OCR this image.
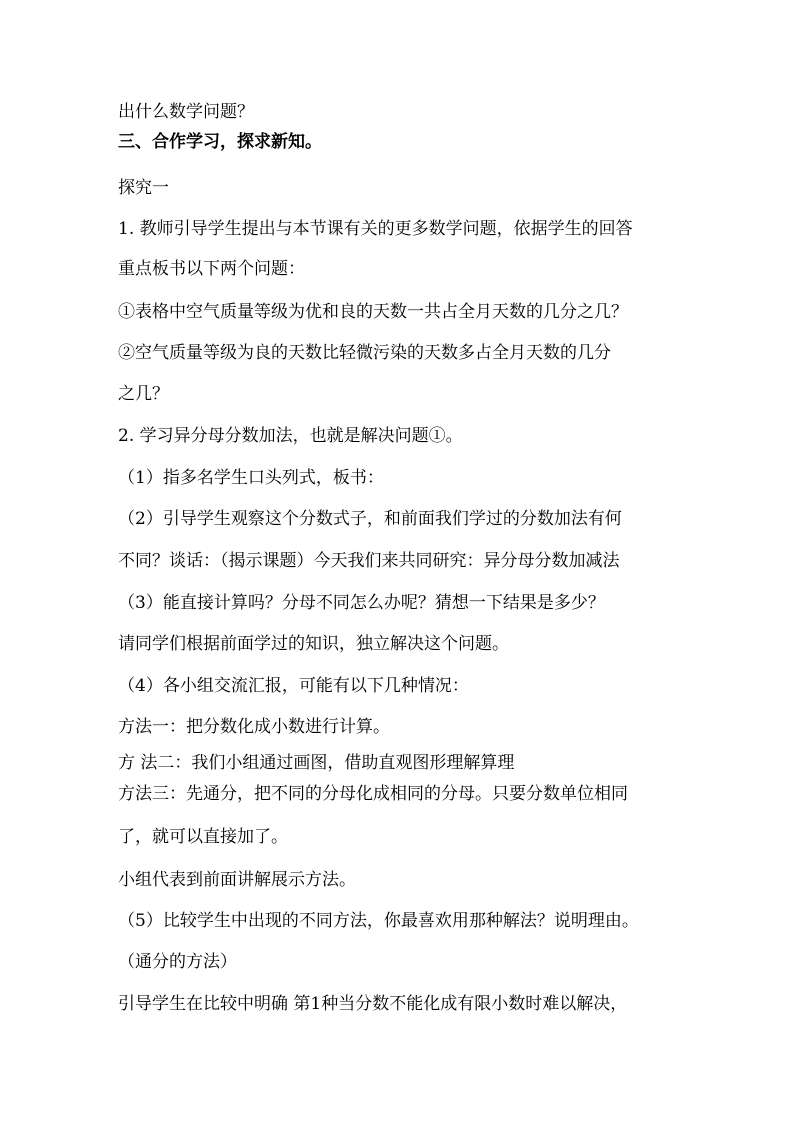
出什么数学问题？
三、合作学习，探求新知。
探究一
1. 教师引导学生提出与本节课有关的更多数学问题，依据学生的回答
重点板书以下两个问题：
①表格中空气质量等级为优和良的天数一共占全月天数的几分之几？
②空气质量等级为良的天数比轻微污染的天数多占全月天数的几分
之几？
2. 学习异分母分数加法，也就是解决问题①。
（1）指多名学生口头列式，板书：
（2）引导学生观察这个分数式子，和前面我们学过的分数加法有何
不同？谈话：（揭示课题）今天我们来共同研究：异分母分数加减法
（3）能直接计算吗？分母不同怎么办呢？猜想一下结果是多少？
请同学们根据前面学过的知识，独立解决这个问题。
（4）各小组交流汇报，可能有以下几种情况：
方法一：把分数化成小数进行计算。
方 法二：我们小组通过画图，借助直观图形理解算理
方法三：先通分，把不同的分母化成相同的分母。只要分数单位相同
了，就可以直接加了。
小组代表到前面讲解展示方法。
（5）比较学生中出现的不同方法，你最喜欢用那种解法？说明理由。
（通分的方法）
引导学生在比较中明确 第1种当分数不能化成有限小数时难以解决，
